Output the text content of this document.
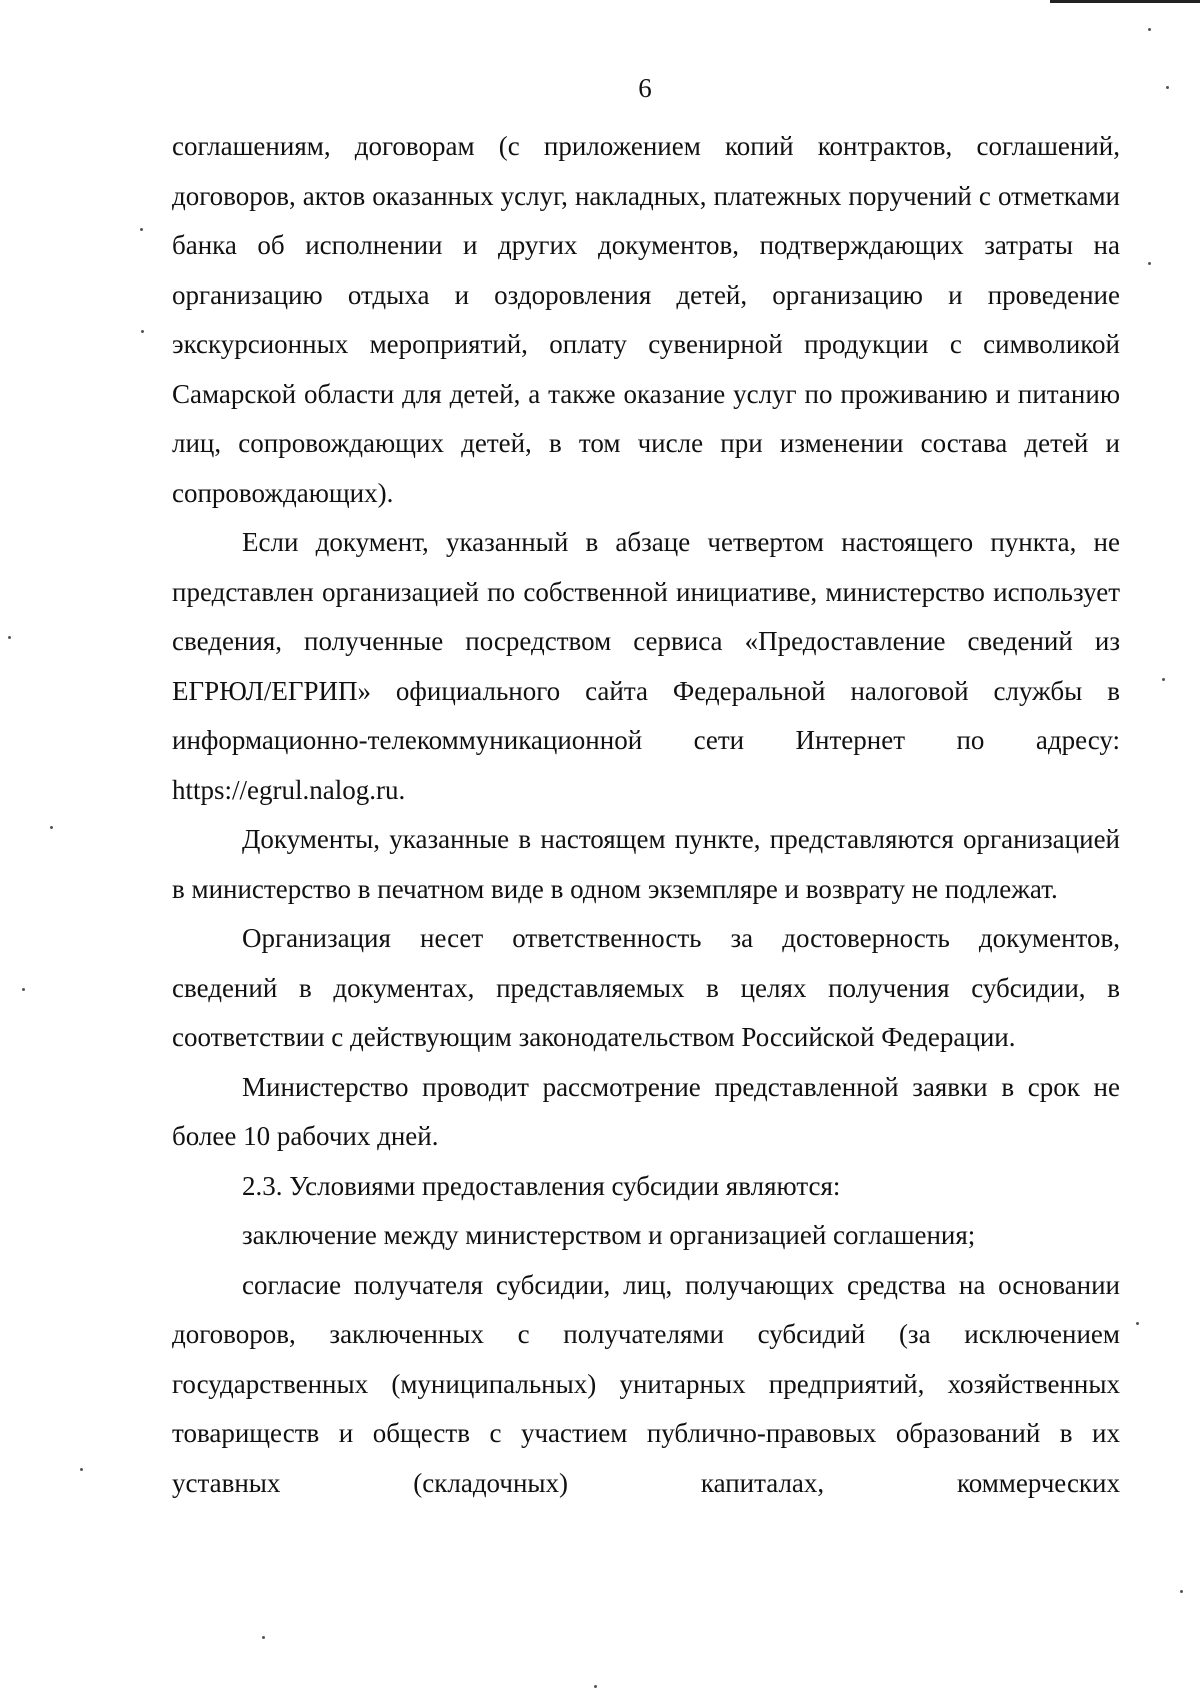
6

соглашениям, договорам (с приложением копий контрактов, соглашений, договоров, актов оказанных услуг, накладных, платежных поручений с отметками банка об исполнении и других документов, подтверждающих затраты на организацию отдыха и оздоровления детей, организацию и проведение экскурсионных мероприятий, оплату сувенирной продукции с символикой Самарской области для детей, а также оказание услуг по проживанию и питанию лиц, сопровождающих детей, в том числе при изменении состава детей и сопровождающих).

Если документ, указанный в абзаце четвертом настоящего пункта, не представлен организацией по собственной инициативе, министерство использует сведения, полученные посредством сервиса «Предоставление сведений из ЕГРЮЛ/ЕГРИП» официального сайта Федеральной налоговой службы в информационно-телекоммуникационной сети Интернет по адресу: https://egrul.nalog.ru.

Документы, указанные в настоящем пункте, представляются организацией в министерство в печатном виде в одном экземпляре и возврату не подлежат.

Организация несет ответственность за достоверность документов, сведений в документах, представляемых в целях получения субсидии, в соответствии с действующим законодательством Российской Федерации.

Министерство проводит рассмотрение представленной заявки в срок не более 10 рабочих дней.

2.3. Условиями предоставления субсидии являются:

заключение между министерством и организацией соглашения;

согласие получателя субсидии, лиц, получающих средства на основании договоров, заключенных с получателями субсидий (за исключением государственных (муниципальных) унитарных предприятий, хозяйственных товариществ и обществ с участием публично-правовых образований в их уставных (складочных) капиталах, коммерческих
